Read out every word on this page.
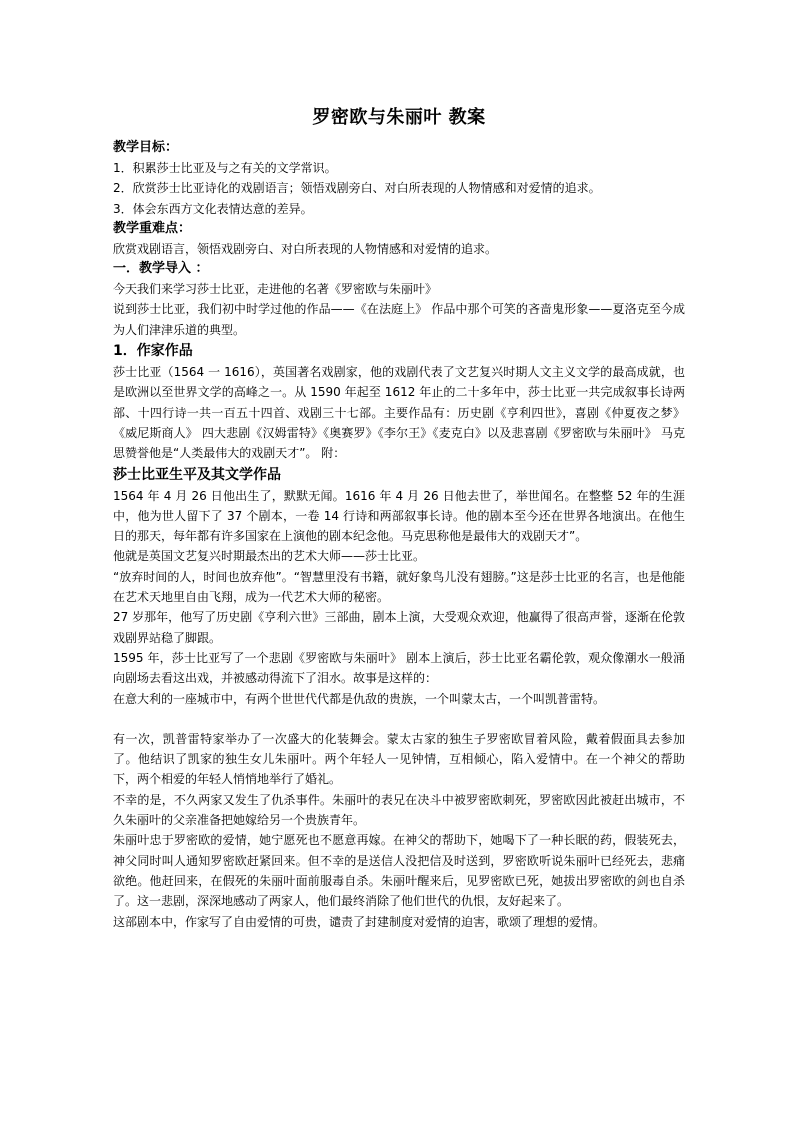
罗密欧与朱丽叶 教案

教学目标：

1．积累莎士比亚及与之有关的文学常识。

2．欣赏莎士比亚诗化的戏剧语言；领悟戏剧旁白、对白所表现的人物情感和对爱情的追求。

3．体会东西方文化表情达意的差异。

教学重难点：

欣赏戏剧语言，领悟戏剧旁白、对白所表现的人物情感和对爱情的追求。

一．教学导入 ：

今天我们来学习莎士比亚，走进他的名著《罗密欧与朱丽叶》

说到莎士比亚，我们初中时学过他的作品——《在法庭上》 作品中那个可笑的吝啬鬼形象——夏洛克至今成为人们津津乐道的典型。

1．作家作品

莎士比亚（1564 一 1616），英国著名戏剧家，他的戏剧代表了文艺复兴时期人文主义文学的最高成就，也是欧洲以至世界文学的高峰之一。从 1590 年起至 1612 年止的二十多年中，莎士比亚一共完成叙事长诗两部、十四行诗一共一百五十四首、戏剧三十七部。主要作品有：历史剧《亨利四世》，喜剧《仲夏夜之梦》《威尼斯商人》 四大悲剧《汉姆雷特》《奥赛罗》《李尔王》《麦克白》以及悲喜剧《罗密欧与朱丽叶》 马克思赞誉他是“人类最伟大的戏剧天才”。 附：

莎士比亚生平及其文学作品

1564 年 4 月 26 日他出生了，默默无闻。1616 年 4 月 26 日他去世了，举世闻名。在整整 52 年的生涯中，他为世人留下了 37 个剧本，一卷 14 行诗和两部叙事长诗。他的剧本至今还在世界各地演出。在他生日的那天，每年都有许多国家在上演他的剧本纪念他。马克思称他是最伟大的戏剧天才”。

他就是英国文艺复兴时期最杰出的艺术大师——莎士比亚。

“放弃时间的人，时间也放弃他”。“智慧里没有书籍，就好象鸟儿没有翅膀。”这是莎士比亚的名言，也是他能在艺术天地里自由飞翔，成为一代艺术大师的秘密。

27 岁那年，他写了历史剧《亨利六世》三部曲，剧本上演，大受观众欢迎，他赢得了很高声誉，逐渐在伦敦戏剧界站稳了脚跟。

1595 年，莎士比亚写了一个悲剧《罗密欧与朱丽叶》 剧本上演后，莎士比亚名霸伦敦，观众像潮水一般涌向剧场去看这出戏，并被感动得流下了泪水。故事是这样的：

在意大利的一座城市中，有两个世世代代都是仇敌的贵族，一个叫蒙太古，一个叫凯普雷特。

有一次，凯普雷特家举办了一次盛大的化装舞会。蒙太古家的独生子罗密欧冒着风险，戴着假面具去参加了。他结识了凯家的独生女儿朱丽叶。两个年轻人一见钟情，互相倾心，陷入爱情中。在一个神父的帮助下，两个相爱的年轻人悄悄地举行了婚礼。

不幸的是，不久两家又发生了仇杀事件。朱丽叶的表兄在决斗中被罗密欧刺死，罗密欧因此被赶出城市，不久朱丽叶的父亲准备把她嫁给另一个贵族青年。

朱丽叶忠于罗密欧的爱情，她宁愿死也不愿意再嫁。在神父的帮助下，她喝下了一种长眠的药，假装死去，神父同时叫人通知罗密欧赶紧回来。但不幸的是送信人没把信及时送到，罗密欧听说朱丽叶已经死去，悲痛欲绝。他赶回来，在假死的朱丽叶面前服毒自杀。朱丽叶醒来后，见罗密欧已死，她拔出罗密欧的剑也自杀了。这一悲剧，深深地感动了两家人，他们最终消除了他们世代的仇恨，友好起来了。

这部剧本中，作家写了自由爱情的可贵，谴责了封建制度对爱情的迫害，歌颂了理想的爱情。
